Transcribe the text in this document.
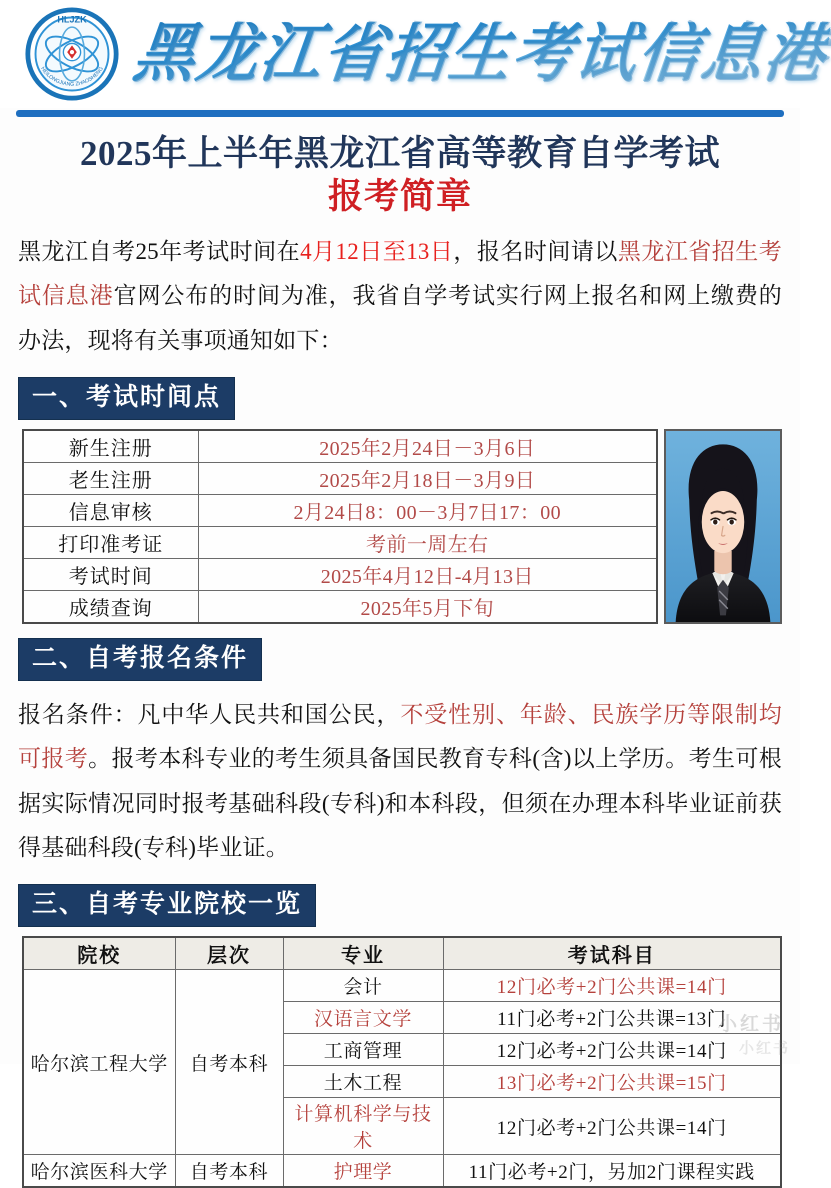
HLJZK
HEILONGJIANG ZHAOSHENG 黑龙江省招生考试信息港
2025年上半年黑龙江省高等教育自学考试
报考简章

黑龙江自考25年考试时间在4月12日至13日，报名时间请以黑龙江省招生考试信息港官网公布的时间为准，我省自学考试实行网上报名和网上缴费的办法，现将有关事项通知如下：

一、考试时间点
新生注册	2025年2月24日－3月6日
老生注册	2025年2月18日－3月9日
信息审核	2月24日8：00－3月7日17：00
打印准考证	考前一周左右
考试时间	2025年4月12日-4月13日
成绩查询	2025年5月下旬
二、自考报名条件

报名条件：凡中华人民共和国公民，不受性别、年龄、民族学历等限制均可报考。报考本科专业的考生须具备国民教育专科(含)以上学历。考生可根据实际情况同时报考基础科段(专科)和本科段，但须在办理本科毕业证前获得基础科段(专科)毕业证。

三、自考专业院校一览
院校	层次	专业	考试科目
哈尔滨工程大学	自考本科	会计	12门必考+2门公共课=14门
		汉语言文学	11门必考+2门公共课=13门
		工商管理	12门必考+2门公共课=14门
		土木工程	13门必考+2门公共课=15门
		计算机科学与技术	12门必考+2门公共课=14门
哈尔滨医科大学	自考本科	护理学	11门必考+2门，另加2门课程实践
小红书
小红书
